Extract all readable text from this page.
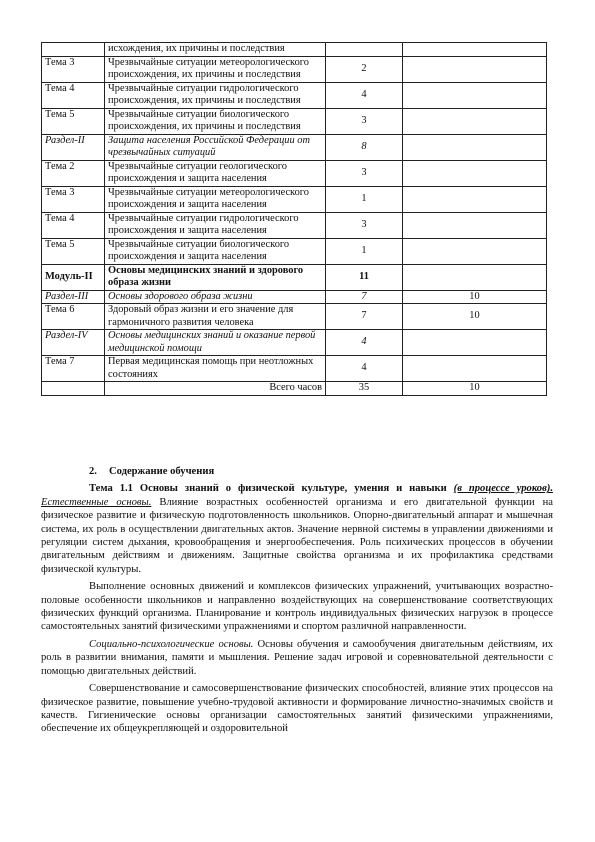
	исхождения, их причины и последствия		
Тема 3	Чрезвычайные ситуации метеорологического происхождения, их причины и последствия	2	
Тема 4	Чрезвычайные ситуации гидрологического происхождения, их причины и последствия	4	
Тема 5	Чрезвычайные ситуации биологического происхождения, их причины и последствия	3	
Раздел-II	Защита населения Российской Федерации от чрезвычайных ситуаций	8	
Тема 2	Чрезвычайные ситуации геологического происхождения и защита населения	3	
Тема 3	Чрезвычайные ситуации метеорологического происхождения и защита населения	1	
Тема 4	Чрезвычайные ситуации гидрологического происхождения и защита населения	3	
Тема 5	Чрезвычайные ситуации биологического происхождения и защита населения	1	
Модуль-II	Основы медицинских знаний и здорового образа жизни	11	
Раздел-III	Основы здорового образа жизни	7	10
Тема 6	Здоровый образ жизни и его значение для гармоничного развития человека	7	10
Раздел-IV	Основы медицинских знаний и оказание первой медицинской помощи	4	
Тема 7	Первая медицинская помощь при неотложных состояниях	4	
	Всего часов	35	10
2. Содержание обучения

Тема 1.1 Основы знаний о физической культуре, умения и навыки (в процессе уроков). Естественные основы. Влияние возрастных особенностей организма и его двигательной функции на физическое развитие и физическую подготовленность школьников. Опорно-двигательный аппарат и мышечная система, их роль в осуществлении двигательных актов. Значение нервной системы в управлении движениями и регуляции систем дыхания, кровообращения и энергообеспечения. Роль психических процессов в обучении двигательным действиям и движениям. Защитные свойства организма и их профилактика средствами физической культуры.

Выполнение основных движений и комплексов физических упражнений, учитывающих возрастно-половые особенности школьников и направленно воздействующих на совершенствование соответствующих физических функций организма. Планирование и контроль индивидуальных физических нагрузок в процессе самостоятельных занятий физическими упражнениями и спортом различной направленности.

Социально-психологические основы. Основы обучения и самообучения двигательным действиям, их роль в развитии внимания, памяти и мышления. Решение задач игровой и соревновательной деятельности с помощью двигательных действий.

Совершенствование и самосовершенствование физических способностей, влияние этих процессов на физическое развитие, повышение учебно-трудовой активности и формирование личностно-значимых свойств и качеств. Гигиенические основы организации самостоятельных занятий физическими упражнениями, обеспечение их общеукрепляющей и оздоровительной
